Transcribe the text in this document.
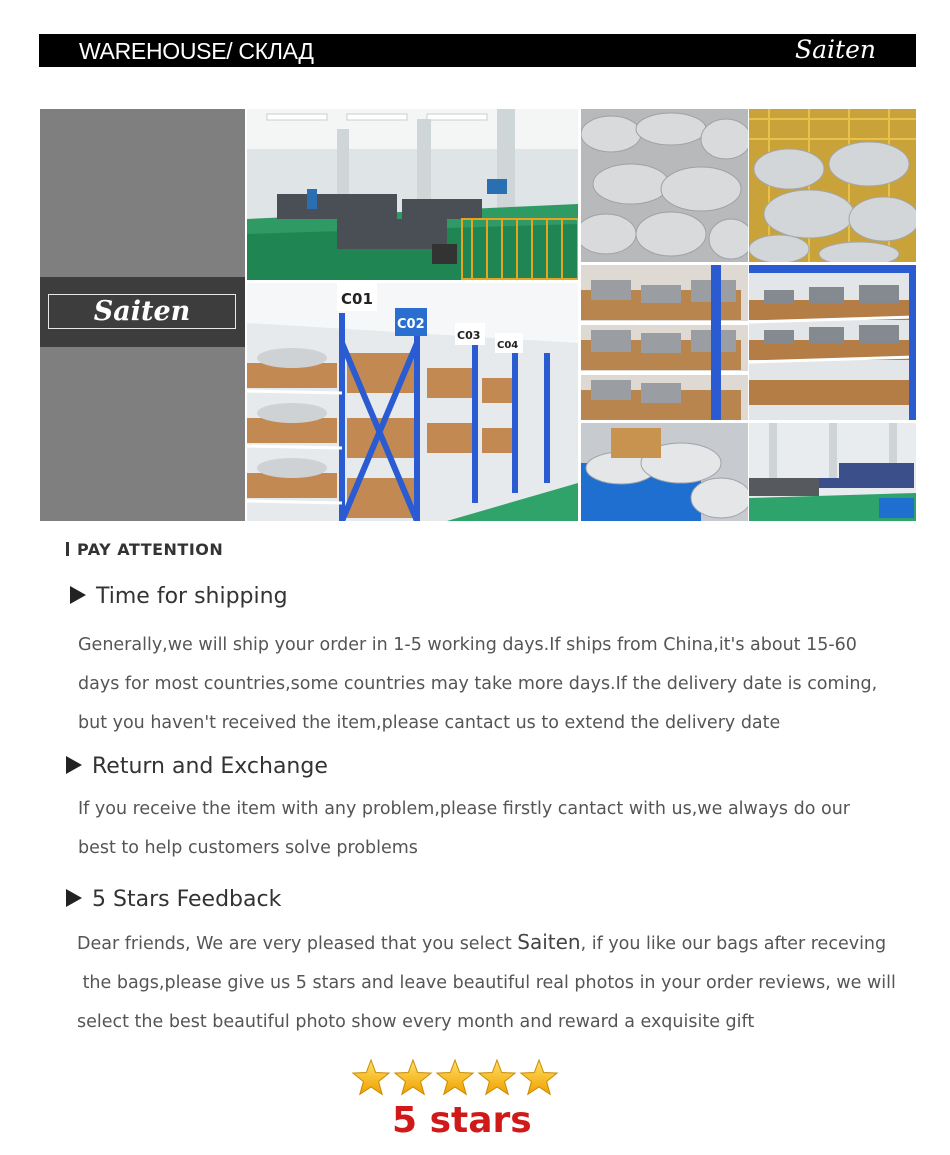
WAREHOUSE/ СКЛАД	Saiten
Saiten	C01
C02
C03
C04
PAY ATTENTION
Time for shipping
Generally,we will ship your order in 1-5 working days.If ships from China,it's about 15-60
days for most countries,some countries may take more days.If the delivery date is coming,
but you haven't received the item,please cantact us to extend the delivery date
Return and Exchange
If you receive the item with any problem,please firstly cantact with us,we always do our
best to help customers solve problems
5 Stars Feedback
Dear friends, We are very pleased that you select Saiten, if you like our bags after receving
the bags,please give us 5 stars and leave beautiful real photos in your order reviews, we will
select the best beautiful photo show every month and reward a exquisite gift
5 stars
